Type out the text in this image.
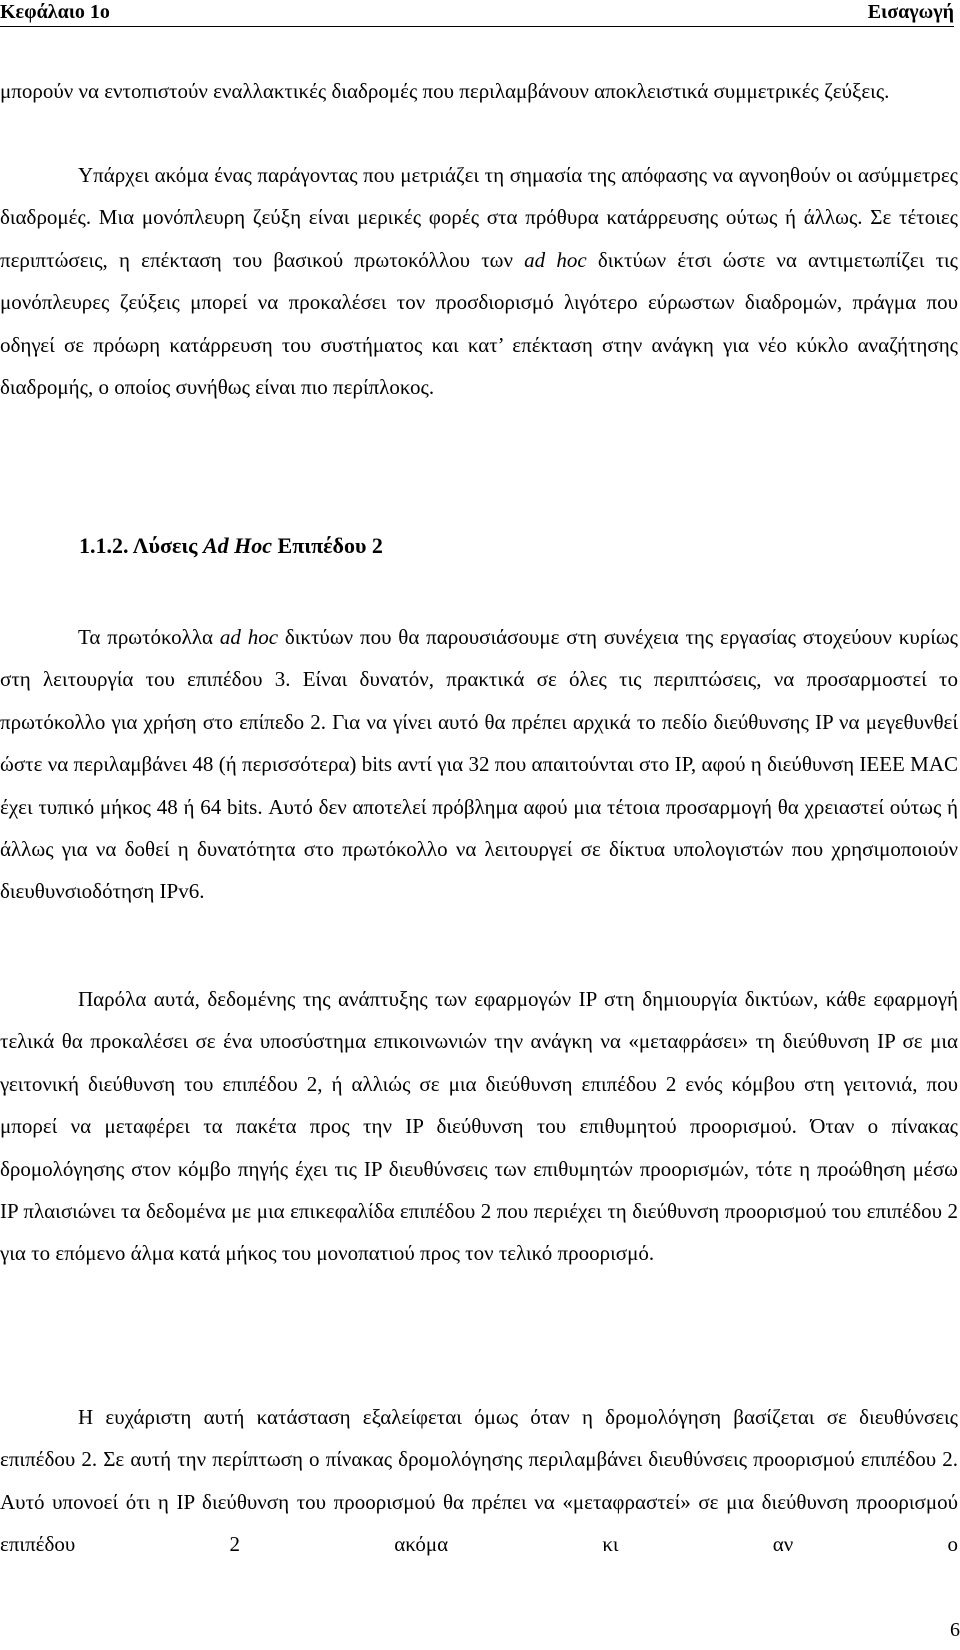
Κεφάλαιο 1ο	Εισαγωγή

μπορούν να εντοπιστούν εναλλακτικές διαδρομές που περιλαμβάνουν αποκλειστικά συμμετρικές ζεύξεις.

Υπάρχει ακόμα ένας παράγοντας που μετριάζει τη σημασία της απόφασης να αγνοηθούν οι ασύμμετρες διαδρομές. Μια μονόπλευρη ζεύξη είναι μερικές φορές στα πρόθυρα κατάρρευσης ούτως ή άλλως. Σε τέτοιες περιπτώσεις, η επέκταση του βασικού πρωτοκόλλου των ad hoc δικτύων έτσι ώστε να αντιμετωπίζει τις μονόπλευρες ζεύξεις μπορεί να προκαλέσει τον προσδιορισμό λιγότερο εύρωστων διαδρομών, πράγμα που οδηγεί σε πρόωρη κατάρρευση του συστήματος και κατ’ επέκταση στην ανάγκη για νέο κύκλο αναζήτησης διαδρομής, ο οποίος συνήθως είναι πιο περίπλοκος.

1.1.2. Λύσεις Ad Hoc Επιπέδου 2

Τα πρωτόκολλα ad hoc δικτύων που θα παρουσιάσουμε στη συνέχεια της εργασίας στοχεύουν κυρίως στη λειτουργία του επιπέδου 3. Είναι δυνατόν, πρακτικά σε όλες τις περιπτώσεις, να προσαρμοστεί το πρωτόκολλο για χρήση στο επίπεδο 2. Για να γίνει αυτό θα πρέπει αρχικά το πεδίο διεύθυνσης IP να μεγεθυνθεί ώστε να περιλαμβάνει 48 (ή περισσότερα) bits αντί για 32 που απαιτούνται στο IP, αφού η διεύθυνση IEEE MAC έχει τυπικό μήκος 48 ή 64 bits. Αυτό δεν αποτελεί πρόβλημα αφού μια τέτοια προσαρμογή θα χρειαστεί ούτως ή άλλως για να δοθεί η δυνατότητα στο πρωτόκολλο να λειτουργεί σε δίκτυα υπολογιστών που χρησιμοποιούν διευθυνσιοδότηση IPv6.

Παρόλα αυτά, δεδομένης της ανάπτυξης των εφαρμογών IP στη δημιουργία δικτύων, κάθε εφαρμογή τελικά θα προκαλέσει σε ένα υποσύστημα επικοινωνιών την ανάγκη να «μεταφράσει» τη διεύθυνση IP σε μια γειτονική διεύθυνση του επιπέδου 2, ή αλλιώς σε μια διεύθυνση επιπέδου 2 ενός κόμβου στη γειτονιά, που μπορεί να μεταφέρει τα πακέτα προς την IP διεύθυνση του επιθυμητού προορισμού. Όταν ο πίνακας δρομολόγησης στον κόμβο πηγής έχει τις IP διευθύνσεις των επιθυμητών προορισμών, τότε η προώθηση μέσω IP πλαισιώνει τα δεδομένα με μια επικεφαλίδα επιπέδου 2 που περιέχει τη διεύθυνση προορισμού του επιπέδου 2 για το επόμενο άλμα κατά μήκος του μονοπατιού προς τον τελικό προορισμό.

Η ευχάριστη αυτή κατάσταση εξαλείφεται όμως όταν η δρομολόγηση βασίζεται σε διευθύνσεις επιπέδου 2. Σε αυτή την περίπτωση ο πίνακας δρομολόγησης περιλαμβάνει διευθύνσεις προορισμού επιπέδου 2. Αυτό υπονοεί ότι η IP διεύθυνση του προορισμού θα πρέπει να «μεταφραστεί» σε μια διεύθυνση προορισμού επιπέδου 2 ακόμα κι αν ο

6
